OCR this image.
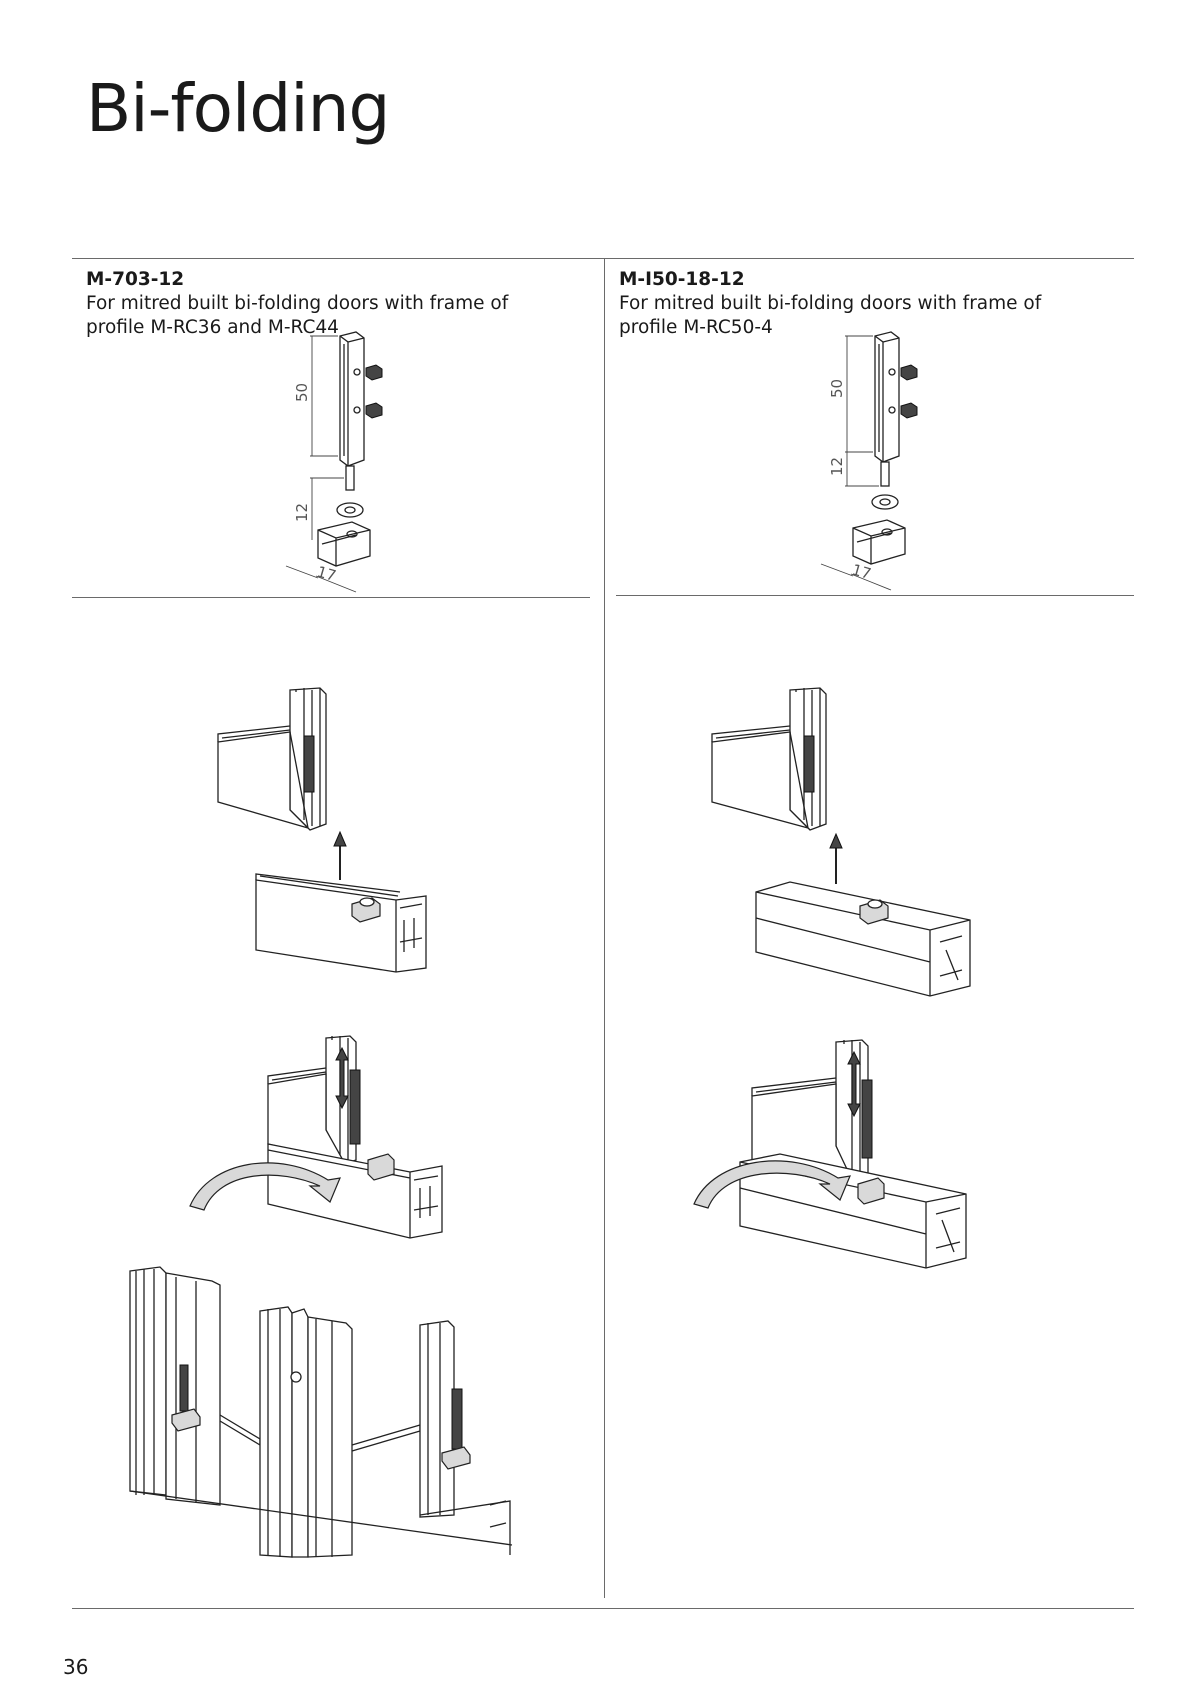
Bi-folding
M-703-12
For mitred built bi-folding doors with frame of profile M-RC36 and M-RC44
M-I50-18-12
For mitred built bi-folding doors with frame of profile M-RC50-4
50
12
17
50
12
17
36
